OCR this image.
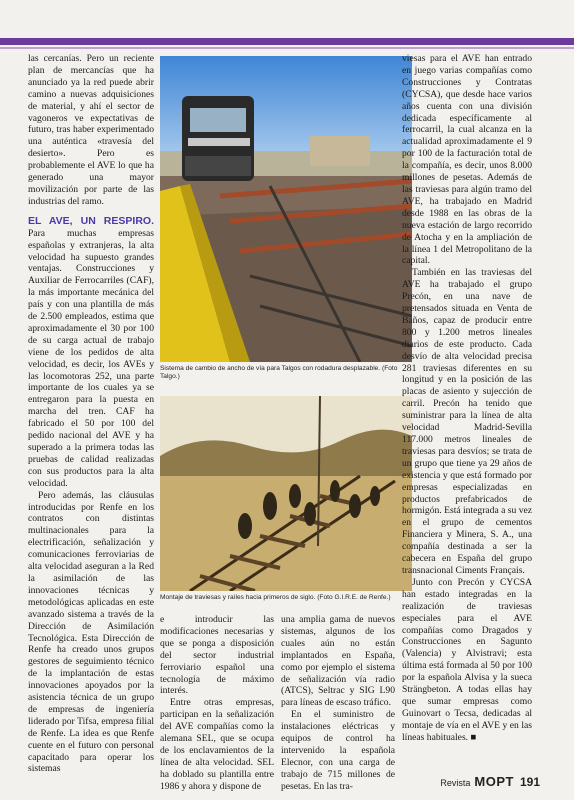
las cercanías. Pero un reciente plan de mercancías que ha anunciado ya la red puede abrir camino a nuevas adquisiciones de material, y ahí el sector de vagoneros ve expectativas de futuro, tras haber experimentado una auténtica «travesía del desierto». Pero es probablemente el AVE lo que ha generado una mayor movilización por parte de las industrias del ramo.

EL AVE, UN RESPIRO. Para muchas empresas españolas y extranjeras, la alta velocidad ha supuesto grandes ventajas. Construcciones y Auxiliar de Ferrocarriles (CAF), la más importante mecánica del país y con una plantilla de más de 2.500 empleados, estima que aproximadamente el 30 por 100 de su carga actual de trabajo viene de los pedidos de alta velocidad, es decir, los AVEs y las locomotoras 252, una parte importante de los cuales ya se entregaron para la puesta en marcha del tren. CAF ha fabricado el 50 por 100 del pedido nacional del AVE y ha superado a la primera todas las pruebas de calidad realizadas con sus productos para la alta velocidad.

Pero además, las cláusulas introducidas por Renfe en los contratos con distintas multinacionales para la electrificación, señalización y comunicaciones ferroviarias de alta velocidad aseguran a la Red la asimilación de las innovaciones técnicas y metodológicas aplicadas en este avanzado sistema a través de la Dirección de Asimilación Tecnológica. Esta Dirección de Renfe ha creado unos grupos gestores de seguimiento técnico de la implantación de estas innovaciones apoyados por la asistencia técnica de un grupo de empresas de ingeniería liderado por Tifsa, empresa filial de Renfe. La idea es que Renfe cuente en el futuro con personal capacitado para operar los sistemas

Sistema de cambio de ancho de vía para Talgos con rodadura desplazable. (Foto Talgo.)
Montaje de traviesas y raíles hacia primeros de siglo. (Foto G.I.R.E. de Renfe.)

e introducir las modificaciones necesarias y que se ponga a disposición del sector industrial ferroviario español una tecnología de máximo interés.

Entre otras empresas, participan en la señalización del AVE compañías como la alemana SEL, que se ocupa de los enclavamientos de la línea de alta velocidad. SEL ha doblado su plantilla entre 1986 y ahora y dispone de

una amplia gama de nuevos sistemas, algunos de los cuales aún no están implantados en España, como por ejemplo el sistema de señalización vía radio (ATCS), Seltrac y SIG L90 para líneas de escaso tráfico.

En el suministro de instalaciones eléctricas y equipos de control ha intervenido la española Elecnor, con una carga de trabajo de 715 millones de pesetas. En las tra-

viesas para el AVE han entrado en juego varias compañías como Construcciones y Contratas (CYCSA), que desde hace varios años cuenta con una división dedicada específicamente al ferrocarril, la cual alcanza en la actualidad aproximadamente el 9 por 100 de la facturación total de la compañía, es decir, unos 8.000 millones de pesetas. Además de las traviesas para algún tramo del AVE, ha trabajado en Madrid desde 1988 en las obras de la nueva estación de largo recorrido de Atocha y en la ampliación de la línea 1 del Metropolitano de la capital.

También en las traviesas del AVE ha trabajado el grupo Precón, en una nave de pretensados situada en Venta de Baños, capaz de producir entre 800 y 1.200 metros lineales diarios de este producto. Cada desvío de alta velocidad precisa 281 traviesas diferentes en su longitud y en la posición de las placas de asiento y sujección de carril. Precón ha tenido que suministrar para la línea de alta velocidad Madrid-Sevilla 117.000 metros lineales de traviesas para desvíos; se trata de un grupo que tiene ya 29 años de existencia y que está formado por empresas especializadas en productos prefabricados de hormigón. Está integrada a su vez en el grupo de cementos Financiera y Minera, S. A., una compañía destinada a ser la cabecera en España del grupo transnacional Ciments Français.

Junto con Precón y CYCSA han estado integradas en la realización de traviesas especiales para el AVE compañías como Dragados y Construcciones en Sagunto (Valencia) y Alvistravi; esta última está formada al 50 por 100 por la española Alvisa y la sueca Strängbeton. A todas ellas hay que sumar empresas como Guinovart o Tecsa, dedicadas al montaje de vía en el AVE y en las líneas habituales. ■

Revista MOPT 191
